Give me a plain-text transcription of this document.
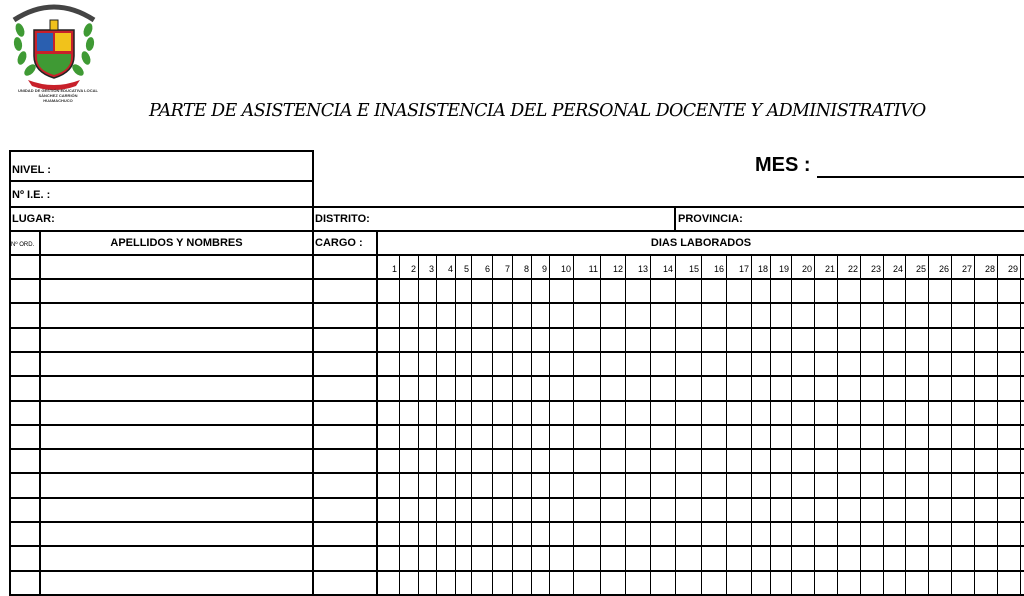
UNIDAD DE GESTIÓN EDUCATIVA LOCAL
SÁNCHEZ CARRIÓN
HUAMACHUCO
PARTE DE ASISTENCIA E INASISTENCIA DEL PERSONAL DOCENTE Y ADMINISTRATIVO
NIVEL :
Nº I.E. :
MES :
LUGAR:	DISTRITO:	PROVINCIA:
Nº ORD.	APELLIDOS Y NOMBRES	CARGO :	DIAS LABORADOS
1	2	3	4	5	6	7	8	9	10	11	12	13	14	15	16	17 18	19	20	21	22	23	24	25	26	27	28	29
